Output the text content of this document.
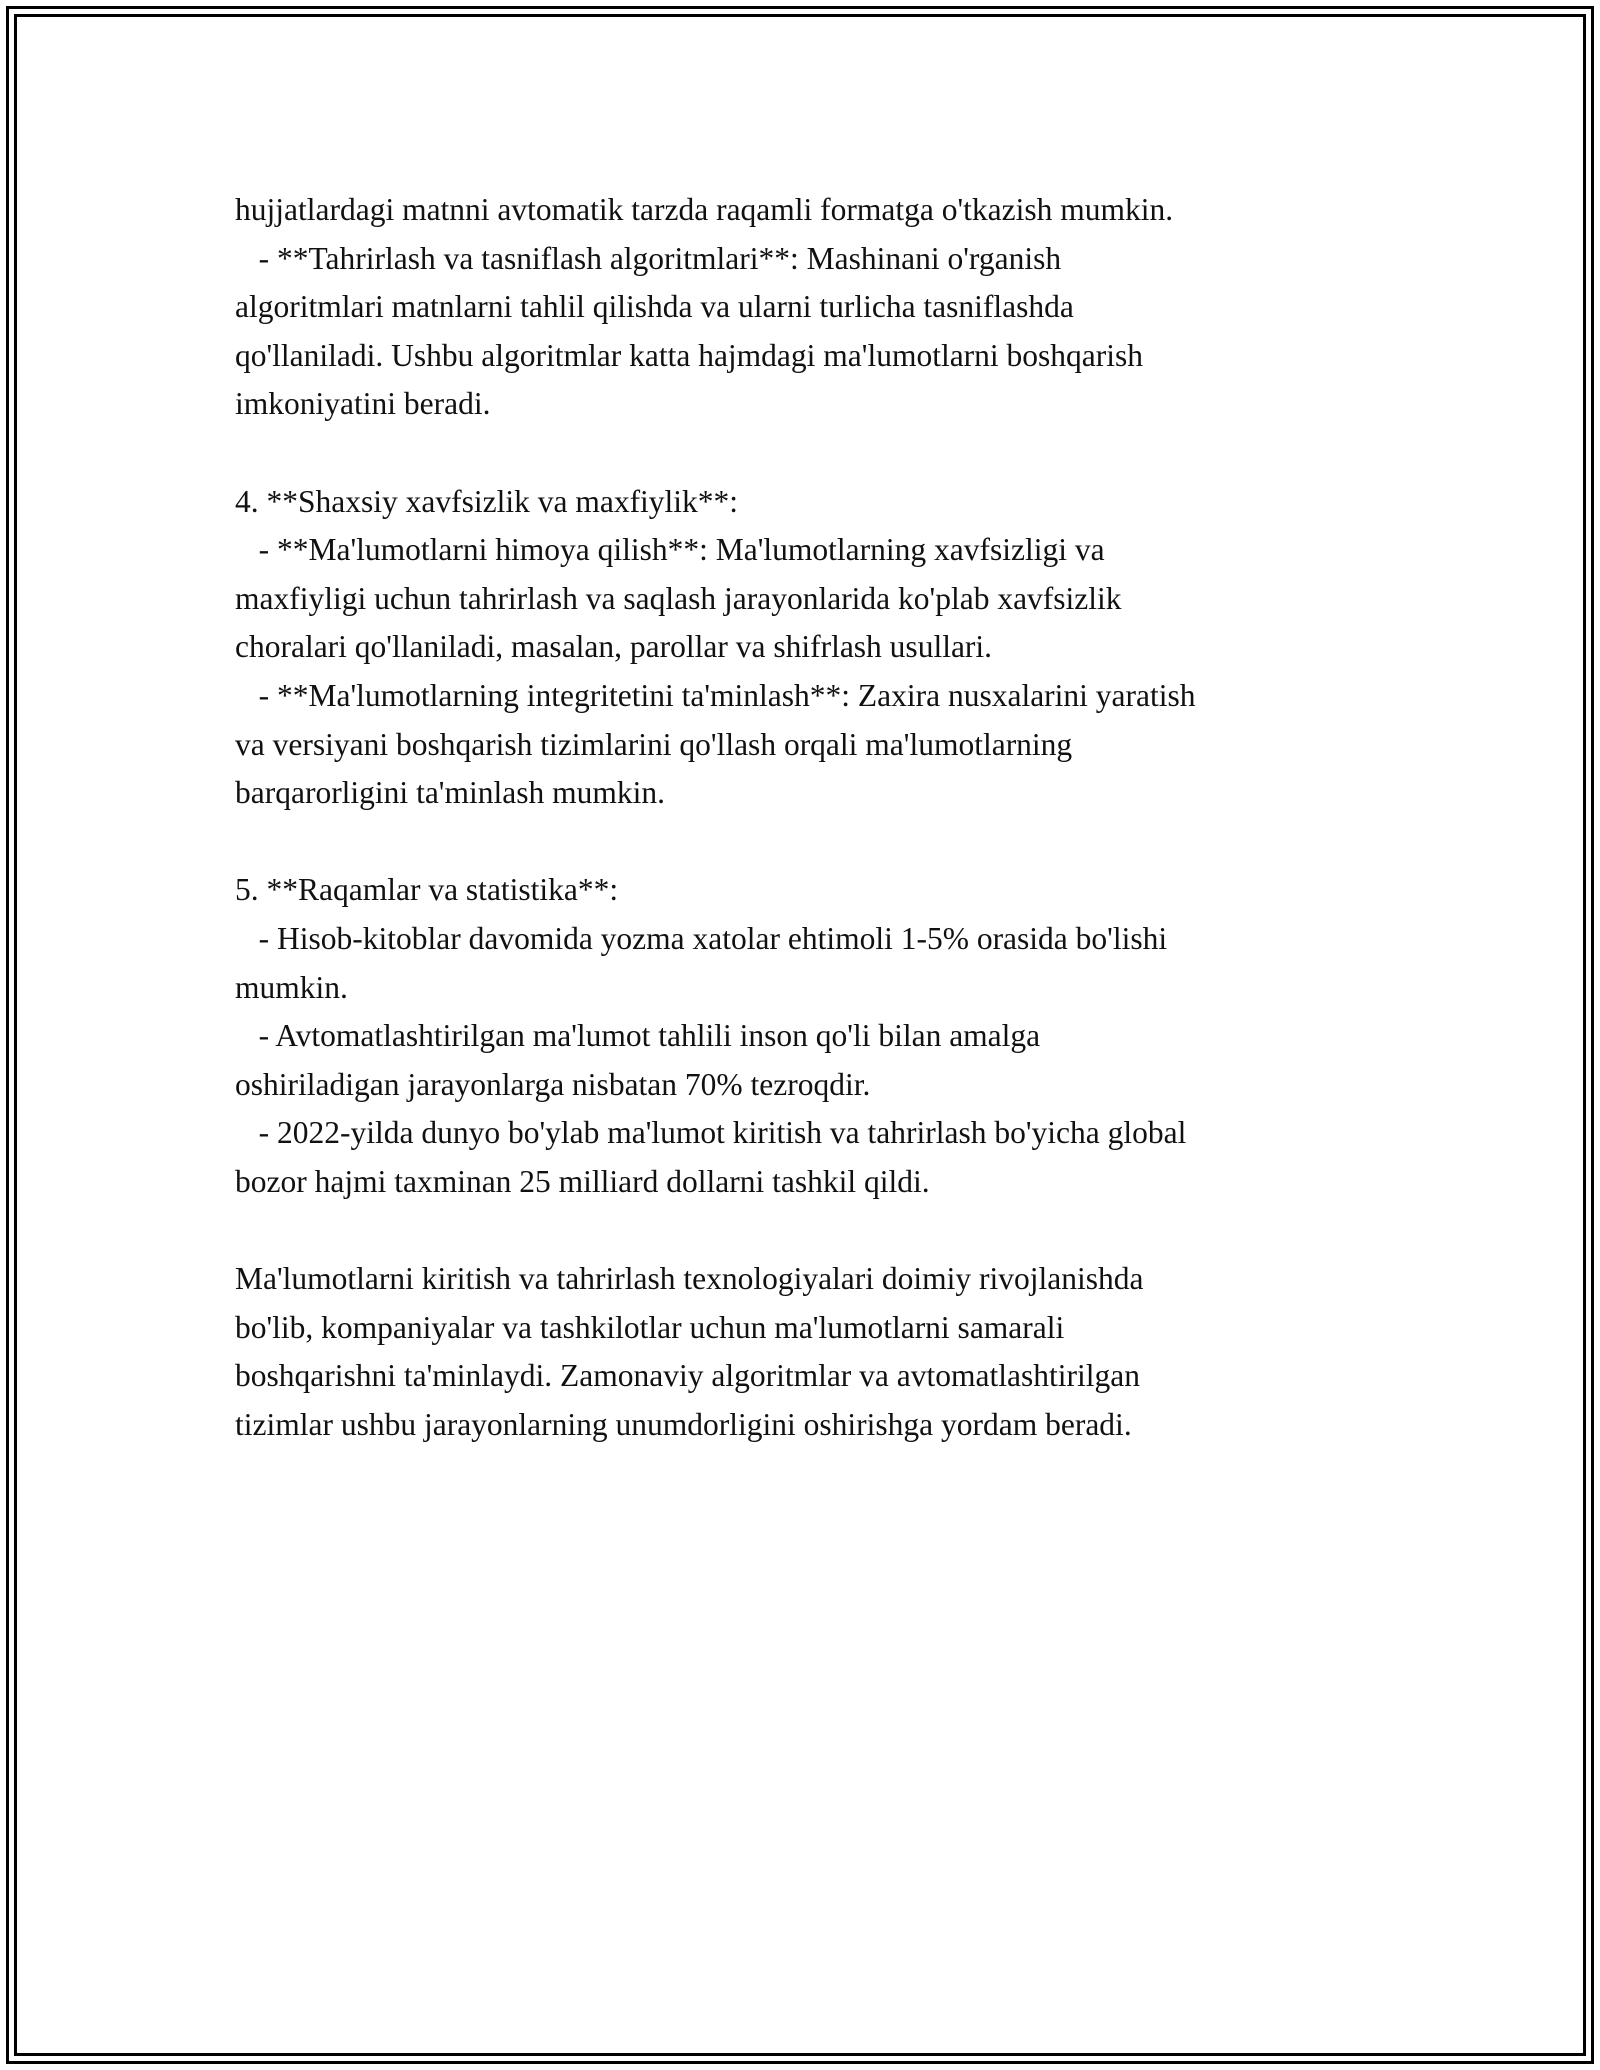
hujjatlardagi matnni avtomatik tarzda raqamli formatga o'tkazish mumkin.
- **Tahrirlash va tasniflash algoritmlari**: Mashinani o'rganish
algoritmlari matnlarni tahlil qilishda va ularni turlicha tasniflashda
qo'llaniladi. Ushbu algoritmlar katta hajmdagi ma'lumotlarni boshqarish
imkoniyatini beradi.
4. **Shaxsiy xavfsizlik va maxfiylik**:
- **Ma'lumotlarni himoya qilish**: Ma'lumotlarning xavfsizligi va
maxfiyligi uchun tahrirlash va saqlash jarayonlarida ko'plab xavfsizlik
choralari qo'llaniladi, masalan, parollar va shifrlash usullari.
- **Ma'lumotlarning integritetini ta'minlash**: Zaxira nusxalarini yaratish
va versiyani boshqarish tizimlarini qo'llash orqali ma'lumotlarning
barqarorligini ta'minlash mumkin.
5. **Raqamlar va statistika**:
- Hisob-kitoblar davomida yozma xatolar ehtimoli 1-5% orasida bo'lishi
mumkin.
- Avtomatlashtirilgan ma'lumot tahlili inson qo'li bilan amalga
oshiriladigan jarayonlarga nisbatan 70% tezroqdir.
- 2022-yilda dunyo bo'ylab ma'lumot kiritish va tahrirlash bo'yicha global
bozor hajmi taxminan 25 milliard dollarni tashkil qildi.
Ma'lumotlarni kiritish va tahrirlash texnologiyalari doimiy rivojlanishda
bo'lib, kompaniyalar va tashkilotlar uchun ma'lumotlarni samarali
boshqarishni ta'minlaydi. Zamonaviy algoritmlar va avtomatlashtirilgan
tizimlar ushbu jarayonlarning unumdorligini oshirishga yordam beradi.
